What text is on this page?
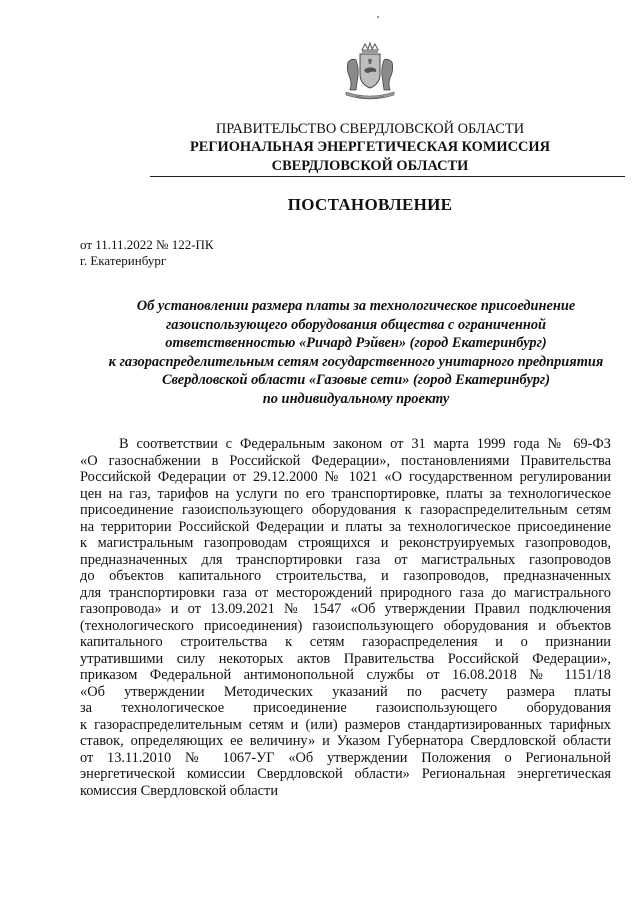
ПРАВИТЕЛЬСТВО СВЕРДЛОВСКОЙ ОБЛАСТИ

РЕГИОНАЛЬНАЯ ЭНЕРГЕТИЧЕСКАЯ КОМИССИЯ

СВЕРДЛОВСКОЙ ОБЛАСТИ

ПОСТАНОВЛЕНИЕ

от 11.11.2022 № 122-ПК

г. Екатеринбург

Об установлении размера платы за технологическое присоединение
газоиспользующего оборудования общества с ограниченной
ответственностью «Ричард Рэйвен» (город Екатеринбург)
к газораспределительным сетям государственного унитарного предприятия
Свердловской области «Газовые сети» (город Екатеринбург)
по индивидуальному проекту
В соответствии с Федеральным законом от 31 марта 1999 года № 69-ФЗ
«О газоснабжении в Российской Федерации», постановлениями Правительства
Российской Федерации от 29.12.2000 № 1021 «О государственном регулировании
цен на газ, тарифов на услуги по его транспортировке, платы за технологическое
присоединение газоиспользующего оборудования к газораспределительным сетям
на территории Российской Федерации и платы за технологическое присоединение
к магистральным газопроводам строящихся и реконструируемых газопроводов,
предназначенных для транспортировки газа от магистральных газопроводов
до объектов капитального строительства, и газопроводов, предназначенных
для транспортировки газа от месторождений природного газа до магистрального
газопровода» и от 13.09.2021 № 1547 «Об утверждении Правил подключения
(технологического присоединения) газоиспользующего оборудования и объектов
капитального строительства к сетям газораспределения и о признании
утратившими силу некоторых актов Правительства Российской Федерации»,
приказом Федеральной антимонопольной службы от 16.08.2018 № 1151/18
«Об утверждении Методических указаний по расчету размера платы
за технологическое присоединение газоиспользующего оборудования
к газораспределительным сетям и (или) размеров стандартизированных тарифных
ставок, определяющих ее величину» и Указом Губернатора Свердловской области
от 13.11.2010 № 1067-УГ «Об утверждении Положения о Региональной
энергетической комиссии Свердловской области» Региональная энергетическая
комиссия Свердловской области
